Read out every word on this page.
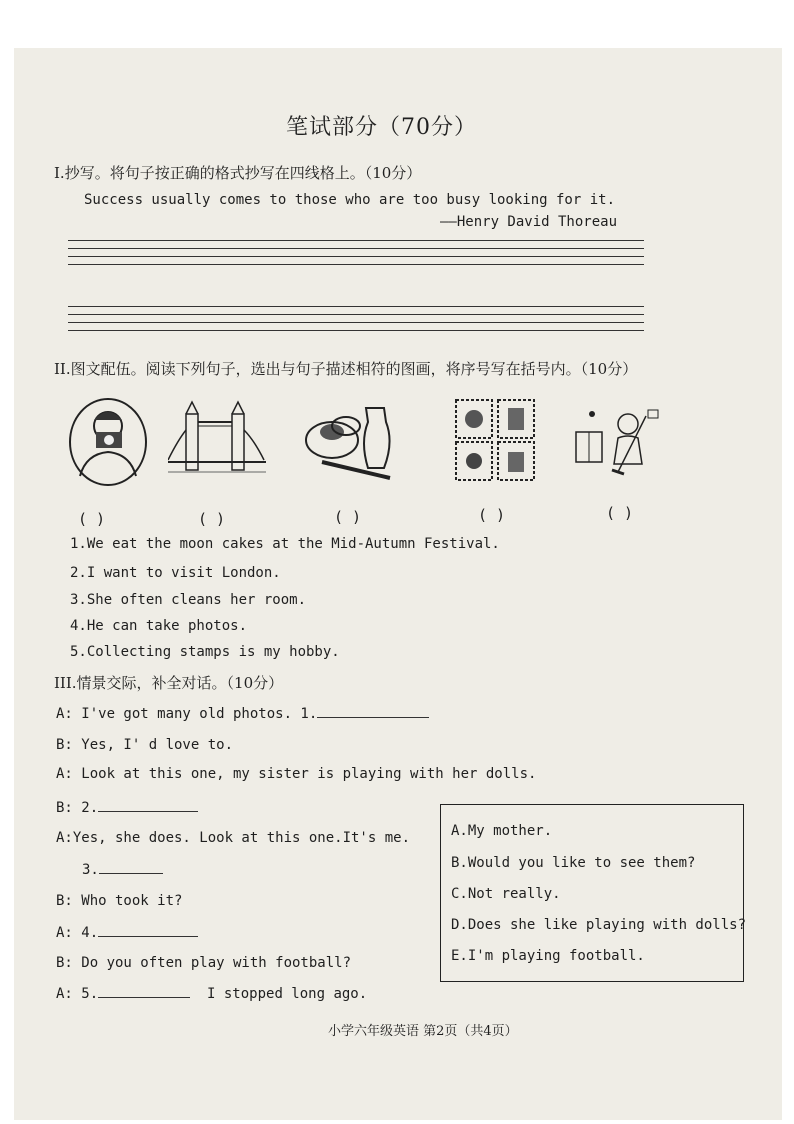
笔试部分（70分）
I.抄写。将句子按正确的格式抄写在四线格上。（10分）
Success usually comes to those who are too busy looking for it.
——Henry David Thoreau
II.图文配伍。阅读下列句子，选出与句子描述相符的图画，将序号写在括号内。（10分）
( )	( )	( )	( )	( )
1.We eat the moon cakes at the Mid-Autumn Festival.
2.I want to visit London.
3.She often cleans her room.
4.He can take photos.
5.Collecting stamps is my hobby.
III.情景交际，补全对话。（10分）
A: I've got many old photos. 1.
B: Yes, I' d love to.
A: Look at this one, my sister is playing with her dolls.
B: 2.
A:Yes, she does. Look at this one.It's me.
3.
B: Who took it?
A: 4.
B: Do you often play with football?
A: 5.	I stopped long ago.
A.My mother.
B.Would you like to see them?
C.Not really.
D.Does she like playing with dolls?
E.I'm playing football.
小学六年级英语 第2页（共4页）
